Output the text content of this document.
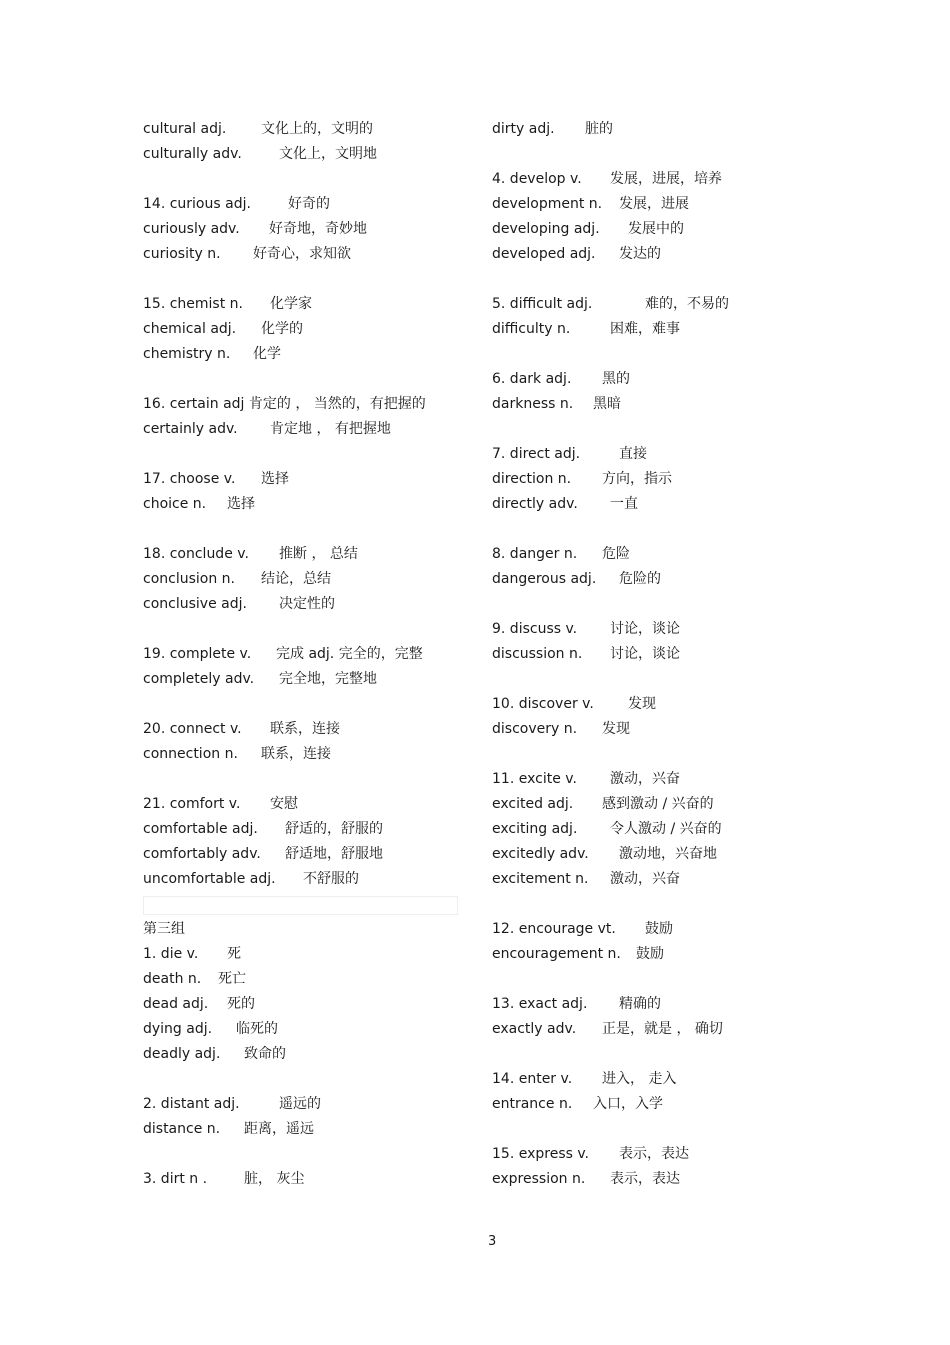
cultural adj. 文化上的，文明的
culturally adv.	文化上，文明地
14. curious adj.	好奇的
curiously adv. 好奇地，奇妙地
curiosity n. 好奇心，求知欲
15. chemist n. 化学家
chemical adj. 化学的
chemistry n. 化学
16. certain adj 肯定的 ， 当然的，有把握的
certainly adv. 肯定地 ， 有把握地
17. choose v. 选择
choice n. 选择
18. conclude v. 推断 ， 总结
conclusion n. 结论，总结
conclusive adj. 决定性的
19. complete v. 完成 adj. 完全的，完整
completely adv. 完全地，完整地
20. connect v. 联系，连接
connection n. 联系，连接
21. comfort v. 安慰
comfortable adj. 舒适的，舒服的
comfortably adv. 舒适地，舒服地
uncomfortable adj. 不舒服的
第三组
1. die v. 死
death n. 死亡
dead adj. 死的
dying adj. 临死的
deadly adj. 致命的
2. distant adj.	遥远的
distance n. 距离，遥远
3. dirt n .	脏， 灰尘
dirty adj. 脏的
4. develop v. 发展，进展，培养
development n. 发展，进展
developing adj. 发展中的
developed adj. 发达的
5. difficult adj.	难的，不易的
difficulty n.	困难，难事
6. dark adj. 黑的
darkness n. 黑暗
7. direct adj.	直接
direction n. 方向，指示
directly adv. 一直
8. danger n. 危险
dangerous adj. 危险的
9. discuss v. 讨论，谈论
discussion n. 讨论，谈论
10. discover v. 发现
discovery n. 发现
11. excite v. 激动，兴奋
excited adj. 感到激动 / 兴奋的
exciting adj. 令人激动 / 兴奋的
excitedly adv. 激动地，兴奋地
excitement n. 激动，兴奋
12. encourage vt. 鼓励
encouragement n. 鼓励
13. exact adj. 精确的
exactly adv. 正是，就是 ， 确切
14. enter v. 进入， 走入
entrance n. 入口，入学
15. express v. 表示，表达
expression n. 表示，表达
3
